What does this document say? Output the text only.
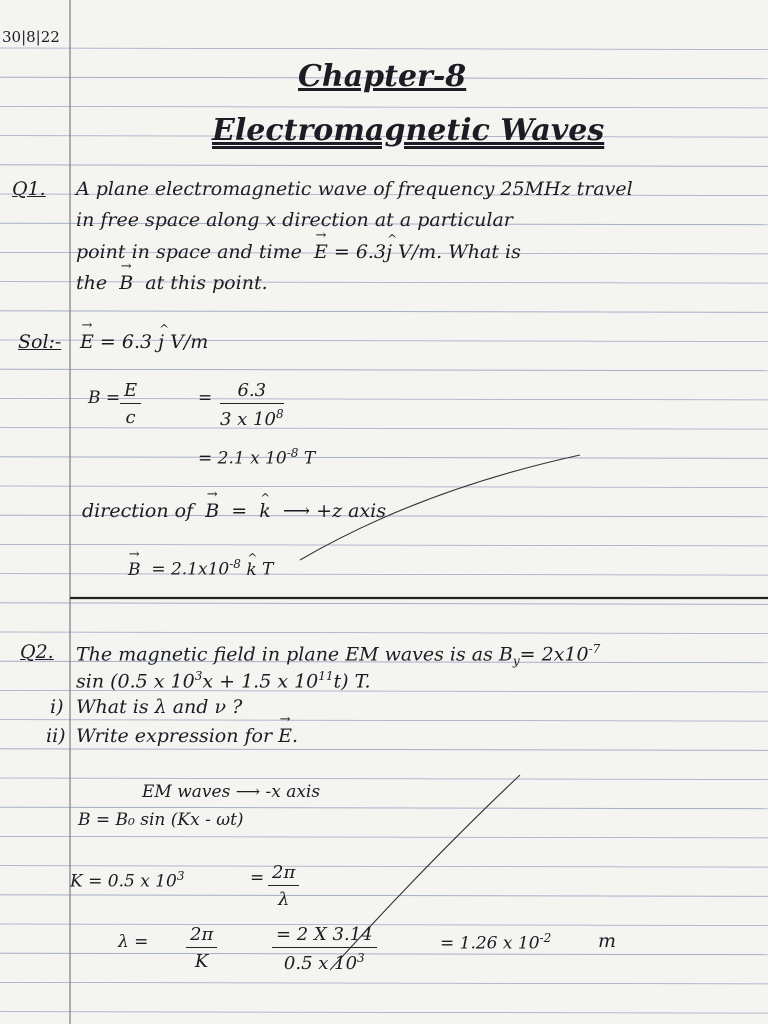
30|8|22
Chapter-8
Electromagnetic Waves
Q1. A plane electromagnetic wave of frequency 25MHz travel
in free space along x direction at a particular
point in space and time E → = 6.3j ^ V/m. What is
the B → at this point.
Sol:- E → = 6.3 j ^ V/m
$B = \frac{E}{c}$	= $\frac{6.3}{3 x 10^8}$
= 2.1 x $10^{-8}$ T
direction of B → = k ^ ⟶ +z axis
B → = $2.1x10^{-8}$ k ^ T
Q2. The magnetic field in plane EM waves is as $B_y= 2x10^{-7}$
sin (0.5 x $10^3x + 1.5$ x $10^{11}t$) T.
i) What is λ and ν ?
ii) Write expression for E →.
EM waves ⟶ -x axis
B = B₀ sin (Kx - ωt)
K = 0.5 x $10^3$	= $\frac{2\pi}{\lambda}$
$\lambda = \frac{2\pi}{K}$	$\frac{= 2 X 3.14}{0.5 x 10^3}$	= 1.26 x $10^{-2}$ m
